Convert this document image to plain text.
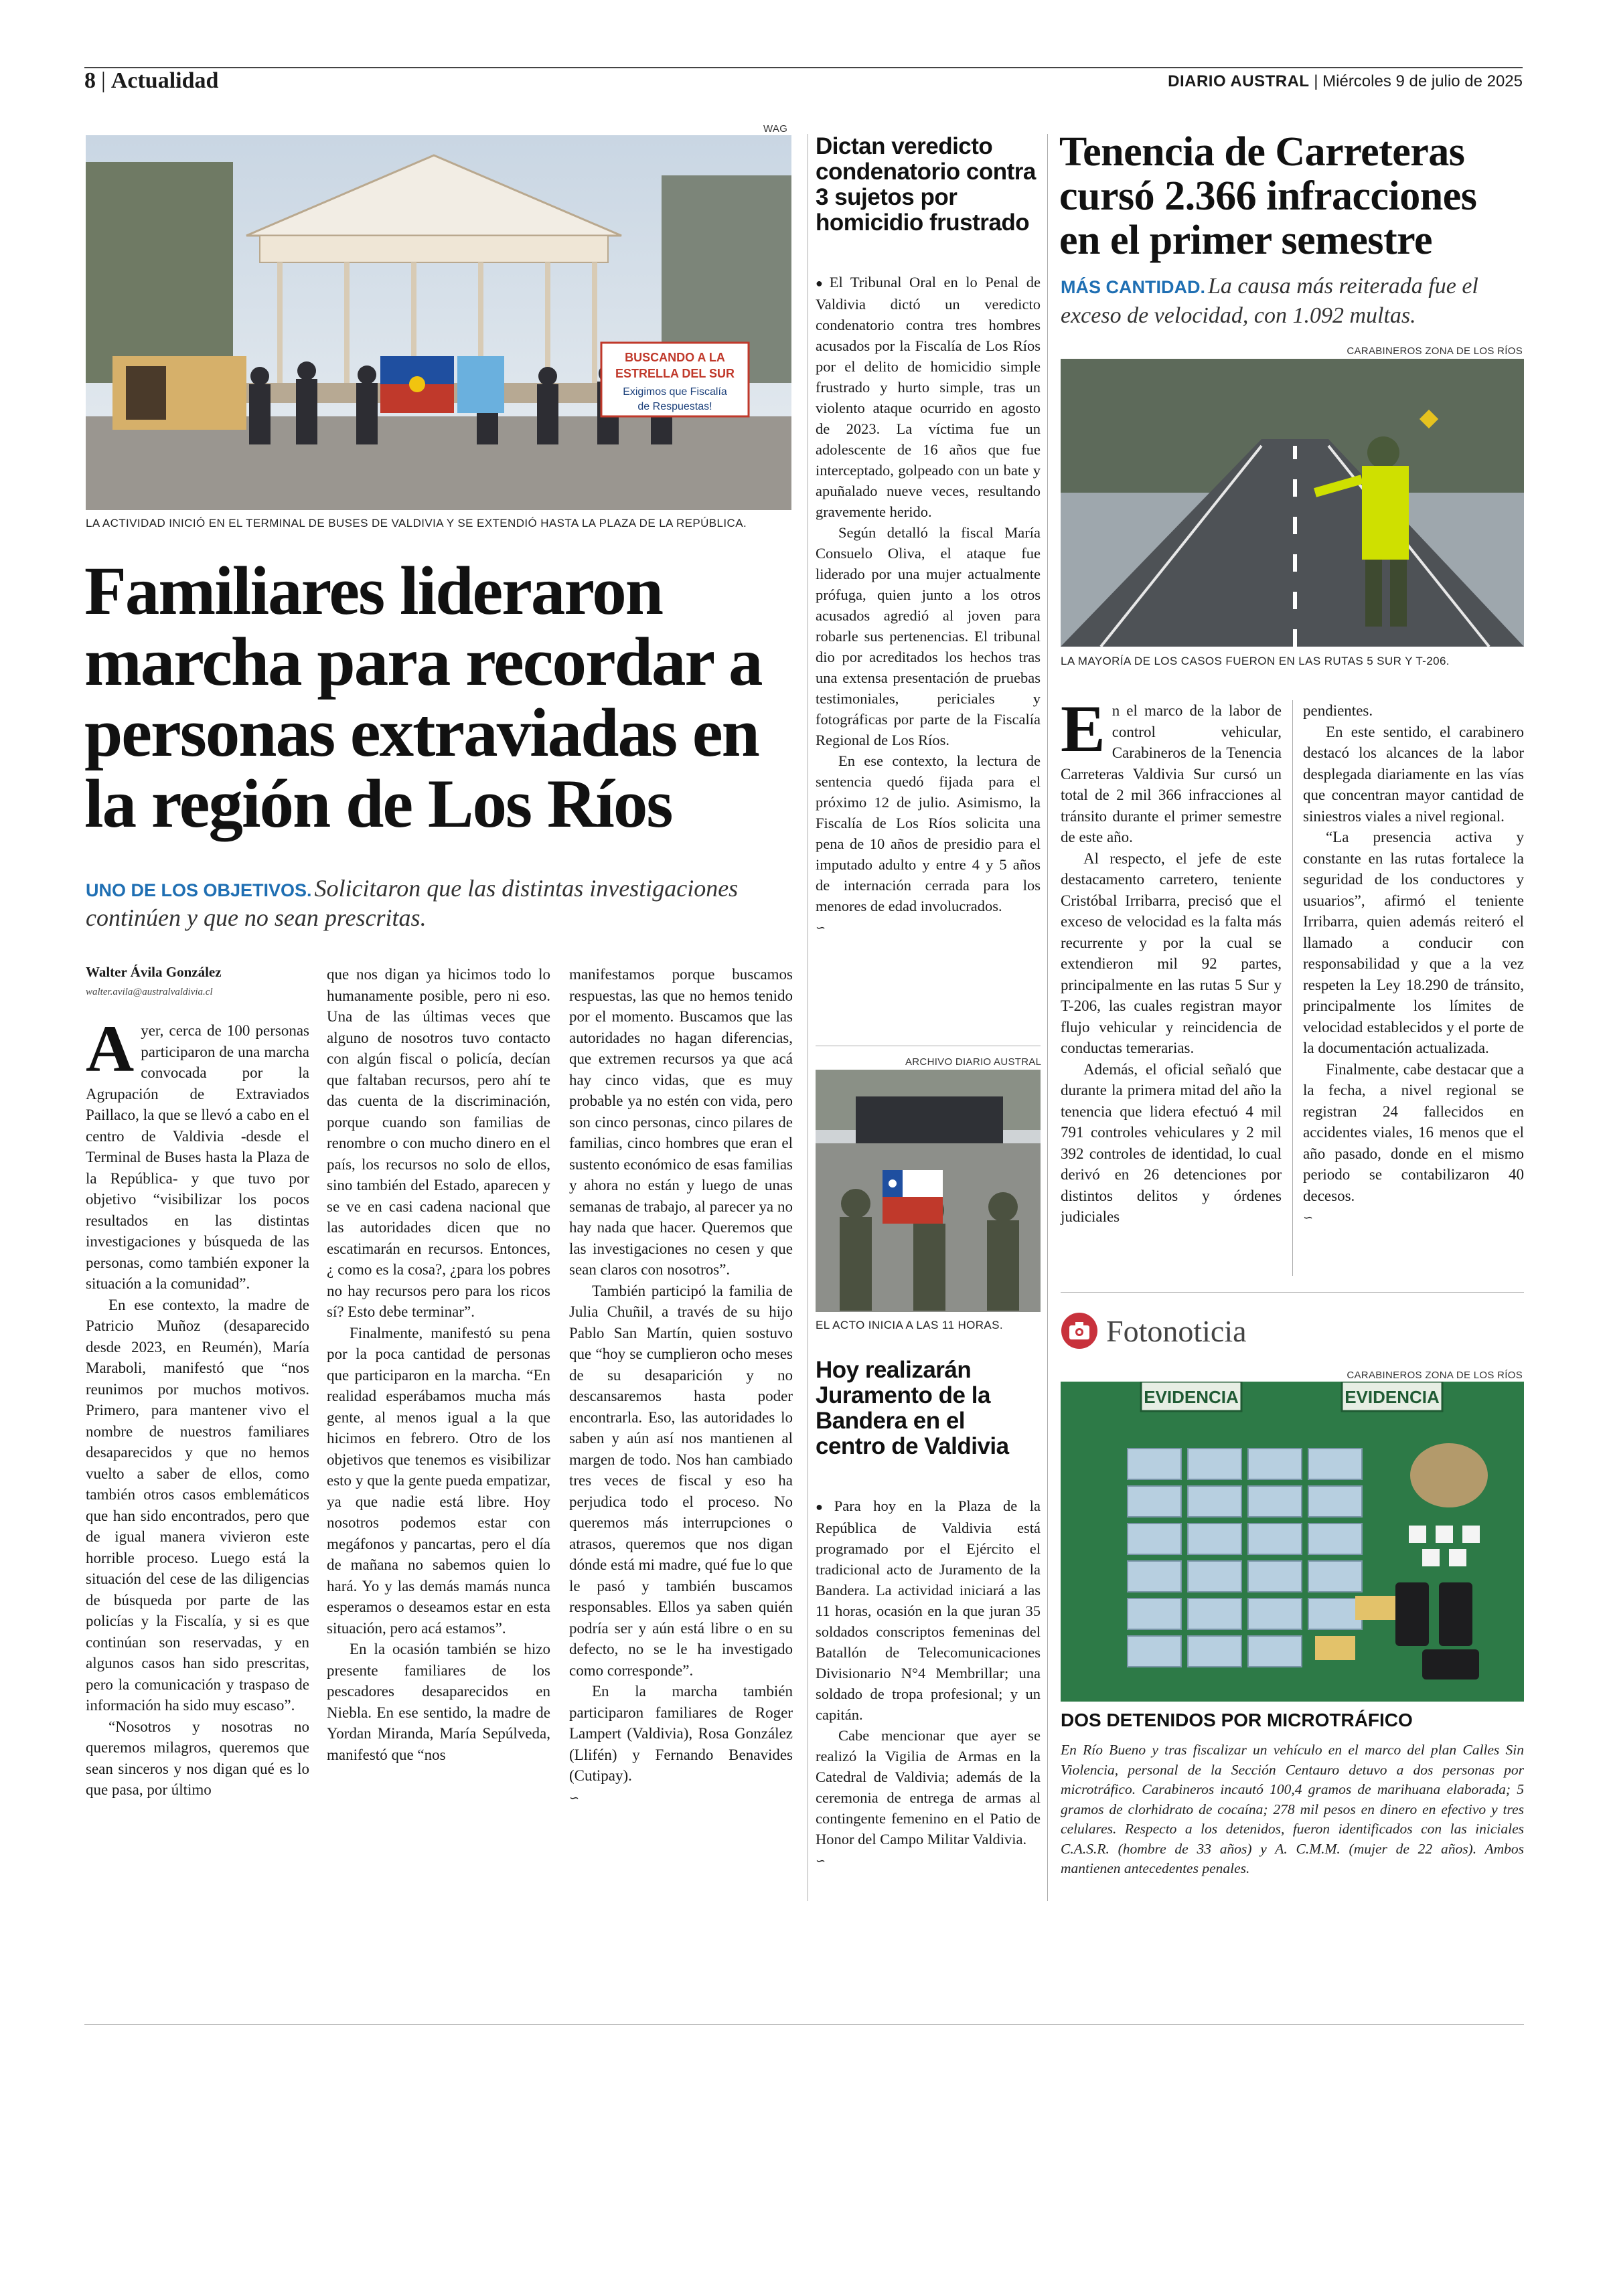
8 | Actualidad	DIARIO AUSTRAL | Miércoles 9 de julio de 2025
WAG
BUSCANDO A LA
ESTRELLA DEL SUR
Exigimos que Fiscalía
de Respuestas!
LA ACTIVIDAD INICIÓ EN EL TERMINAL DE BUSES DE VALDIVIA Y SE EXTENDIÓ HASTA LA PLAZA DE LA REPÚBLICA.
Familiares lideraron marcha para recordar a personas extraviadas en la región de Los Ríos
UNO DE LOS OBJETIVOS. Solicitaron que las distintas investigaciones continúen y que no sean prescritas.
Walter Ávila González
walter.avila@australvaldivia.cl

Ayer, cerca de 100 personas participaron de una marcha convocada por la Agrupación de Extraviados Paillaco, la que se llevó a cabo en el centro de Valdivia -desde el Terminal de Buses hasta la Plaza de la República- y que tuvo por objetivo “visibilizar los pocos resultados en las distintas investigaciones y búsqueda de las personas, como también exponer la situación a la comunidad”.

En ese contexto, la madre de Patricio Muñoz (desaparecido desde 2023, en Reumén), María Maraboli, manifestó que “nos reunimos por muchos motivos. Primero, para mantener vivo el nombre de nuestros familiares desaparecidos y que no hemos vuelto a saber de ellos, como también otros casos emblemáticos que han sido encontrados, pero que de igual manera vivieron este horrible proceso. Luego está la situación del cese de las diligencias de búsqueda por parte de las policías y la Fiscalía, y si es que continúan son reservadas, y en algunos casos han sido prescritas, pero la comunicación y traspaso de información ha sido muy escaso”.

“Nosotros y nosotras no queremos milagros, queremos que sean sinceros y nos digan qué es lo que pasa, por último

que nos digan ya hicimos todo lo humanamente posible, pero ni eso. Una de las últimas veces que alguno de nosotros tuvo contacto con algún fiscal o policía, decían que faltaban recursos, pero ahí te das cuenta de la discriminación, porque cuando son familias de renombre o con mucho dinero en el país, los recursos no solo de ellos, sino también del Estado, aparecen y se ve en casi cadena nacional que las autoridades dicen que no escatimarán en recursos. Entonces, ¿ como es la cosa?, ¿para los pobres no hay recursos pero para los ricos sí? Esto debe terminar”.

Finalmente, manifestó su pena por la poca cantidad de personas que participaron en la marcha. “En realidad esperábamos mucha más gente, al menos igual a la que hicimos en febrero. Otro de los objetivos que tenemos es visibilizar esto y que la gente pueda empatizar, ya que nadie está libre. Hoy nosotros podemos estar con megáfonos y pancartas, pero el día de mañana no sabemos quien lo hará. Yo y las demás mamás nunca esperamos o deseamos estar en esta situación, pero acá estamos”.

En la ocasión también se hizo presente familiares de los pescadores desaparecidos en Niebla. En ese sentido, la madre de Yordan Miranda, María Sepúlveda, manifestó que “nos

manifestamos porque buscamos respuestas, las que no hemos tenido por el momento. Buscamos que las autoridades no hagan diferencias, que extremen recursos ya que acá hay cinco vidas, que es muy probable ya no estén con vida, pero son cinco personas, cinco pilares de familias, cinco hombres que eran el sustento económico de esas familias y ahora no están y luego de unas semanas de trabajo, al parecer ya no hay nada que hacer. Queremos que las investigaciones no cesen y que sean claros con nosotros”.

También participó la familia de Julia Chuñil, a través de su hijo Pablo San Martín, quien sostuvo que “hoy se cumplieron ocho meses de su desaparición y no descansaremos hasta poder encontrarla. Eso, las autoridades lo saben y aún así nos mantienen al margen de todo. Nos han cambiado tres veces de fiscal y eso ha perjudica todo el proceso. No queremos más interrupciones o atrasos, queremos que nos digan dónde está mi madre, qué fue lo que le pasó y también buscamos responsables. Ellos ya saben quién podría ser y aún está libre o en su defecto, no se le ha investigado como corresponde”.

En la marcha también participaron familiares de Roger Lampert (Valdivia), Rosa González (Llifén) y Fernando Benavides (Cutipay).

∽
Dictan veredicto condenatorio contra 3 sujetos por homicidio frustrado

● El Tribunal Oral en lo Penal de Valdivia dictó un veredicto condenatorio contra tres hombres acusados por la Fiscalía de Los Ríos por el delito de homicidio simple frustrado y hurto simple, tras un violento ataque ocurrido en agosto de 2023. La víctima fue un adolescente de 16 años que fue interceptado, golpeado con un bate y apuñalado nueve veces, resultando gravemente herido.

Según detalló la fiscal María Consuelo Oliva, el ataque fue liderado por una mujer actualmente prófuga, quien junto a los otros acusados agredió al joven para robarle sus pertenencias. El tribunal dio por acreditados los hechos tras una extensa presentación de pruebas testimoniales, periciales y fotográficas por parte de la Fiscalía Regional de Los Ríos.

En ese contexto, la lectura de sentencia quedó fijada para el próximo 12 de julio. Asimismo, la Fiscalía de Los Ríos solicita una pena de 10 años de presidio para el imputado adulto y entre 4 y 5 años de internación cerrada para los menores de edad involucrados.

∽
ARCHIVO DIARIO AUSTRAL
EL ACTO INICIA A LAS 11 HORAS.
Hoy realizarán Juramento de la Bandera en el centro de Valdivia

● Para hoy en la Plaza de la República de Valdivia está programado por el Ejército el tradicional acto de Juramento de la Bandera. La actividad iniciará a las 11 horas, ocasión en la que juran 35 soldados conscriptos femeninas del Batallón de Telecomunicaciones Divisionario N°4 Membrillar; una soldado de tropa profesional; y un capitán.

Cabe mencionar que ayer se realizó la Vigilia de Armas en la Catedral de Valdivia; además de la ceremonia de entrega de armas al contingente femenino en el Patio de Honor del Campo Militar Valdivia.

∽
Tenencia de Carreteras cursó 2.366 infracciones en el primer semestre
MÁS CANTIDAD. La causa más reiterada fue el exceso de velocidad, con 1.092 multas.
CARABINEROS ZONA DE LOS RÍOS
LA MAYORÍA DE LOS CASOS FUERON EN LAS RUTAS 5 SUR Y T-206.

En el marco de la labor de control vehicular, Carabineros de la Tenencia Carreteras Valdivia Sur cursó un total de 2 mil 366 infracciones al tránsito durante el primer semestre de este año.

Al respecto, el jefe de este destacamento carretero, teniente Cristóbal Irribarra, precisó que el exceso de velocidad es la falta más recurrente y por la cual se extendieron mil 92 partes, principalmente en las rutas 5 Sur y T-206, las cuales registran mayor flujo vehicular y reincidencia de conductas temerarias.

Además, el oficial señaló que durante la primera mitad del año la tenencia que lidera efectuó 4 mil 791 controles vehiculares y 2 mil 392 controles de identidad, lo cual derivó en 26 detenciones por distintos delitos y órdenes judiciales

pendientes.

En este sentido, el carabinero destacó los alcances de la labor desplegada diariamente en las vías que concentran mayor cantidad de siniestros viales a nivel regional.

“La presencia activa y constante en las rutas fortalece la seguridad de los conductores y usuarios”, afirmó el teniente Irribarra, quien además reiteró el llamado a conducir con responsabilidad y que a la vez respeten la Ley 18.290 de tránsito, principalmente los límites de velocidad establecidos y el porte de la documentación actualizada.

Finalmente, cabe destacar que a la fecha, a nivel regional se registran 24 fallecidos en accidentes viales, 16 menos que el año pasado, donde en el mismo periodo se contabilizaron 40 decesos.

∽
Fotonoticia
CARABINEROS ZONA DE LOS RÍOS
EVIDENCIA	EVIDENCIA
DOS DETENIDOS POR MICROTRÁFICO
En Río Bueno y tras fiscalizar un vehículo en el marco del plan Calles Sin Violencia, personal de la Sección Centauro detuvo a dos personas por microtráfico. Carabineros incautó 100,4 gramos de marihuana elaborada; 5 gramos de clorhidrato de cocaína; 278 mil pesos en dinero en efectivo y tres celulares. Respecto a los detenidos, fueron identificados con las iniciales C.A.S.R. (hombre de 33 años) y A. C.M.M. (mujer de 22 años). Ambos mantienen antecedentes penales.
